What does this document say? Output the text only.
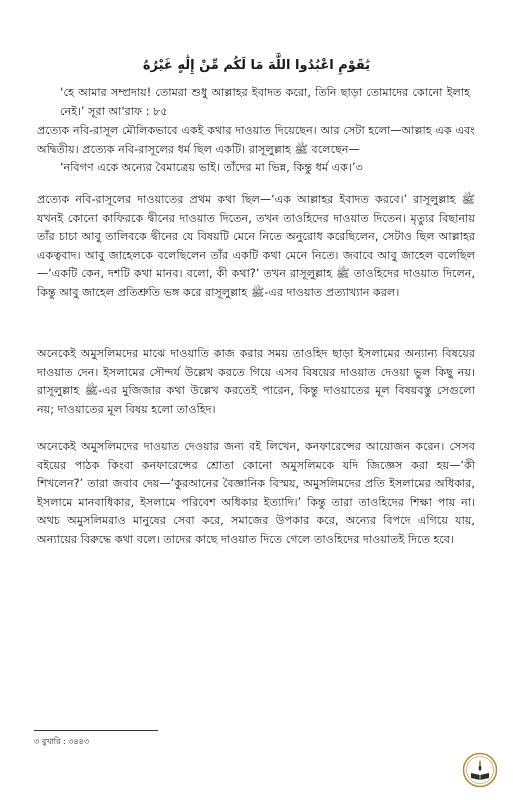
يَٰقَوْمِ اعْبُدُوا اللَّهَ مَا لَكُم مِّنْ إِلَٰهٍ غَيْرُهُ
‘হে আমার সম্প্রদায়! তোমরা শুধু আল্লাহর ইবাদত করো, তিনি ছাড়া তোমাদের কোনো ইলাহ নেই।’ সূরা আ'রাফ : ৮৫
প্রত্যেক নবি-রাসূল মৌলিকভাবে একই কথার দাওয়াত দিয়েছেন। আর সেটা হলো—আল্লাহ এক এবং অদ্বিতীয়। প্রত্যেক নবি-রাসূলের ধর্ম ছিল একটি। রাসূলুল্লাহ ﷺ বলেছেন—
‘নবিগণ একে অন্যের বৈমাত্রেয় ভাই। তাঁদের মা ভিন্ন, কিন্তু ধর্ম এক।’৩
প্রত্যেক নবি-রাসূলের দাওয়াতের প্রথম কথা ছিল—‘এক আল্লাহর ইবাদত করবে।’ রাসূলুল্লাহ ﷺ যখনই কোনো কাফিরকে দ্বীনের দাওয়াত দিতেন, তখন তাওহিদের দাওয়াত দিতেন। মৃত্যুর বিছানায় তাঁর চাচা আবু তালিবকে দ্বীনের যে বিষয়টি মেনে নিতে অনুরোধ করেছিলেন, সেটাও ছিল আল্লাহর একত্ববাদ। আবু জাহেলকে বলেছিলেন তাঁর একটি কথা মেনে নিতে। জবাবে আবু জাহেল বলেছিল—‘একটি কেন, দশটি কথা মানব। বলো, কী কথা?’ তখন রাসূলুল্লাহ ﷺ তাওহিদের দাওয়াত দিলেন, কিন্তু আবু জাহেল প্রতিশ্রুতি ভঙ্গ করে রাসূলুল্লাহ ﷺ-এর দাওয়াত প্রত্যাখ্যান করল।
অনেকেই অমুসলিমদের মাঝে দাওয়াতি কাজ করার সময় তাওহিদ ছাড়া ইসলামের অন্যান্য বিষয়ের দাওয়াত দেন। ইসলামের সৌন্দর্য উল্লেখ করতে গিয়ে এসব বিষয়ের দাওয়াত দেওয়া ভুল কিছু নয়। রাসূলুল্লাহ ﷺ-এর মুজিজার কথা উল্লেখ করতেই পারেন, কিন্তু দাওয়াতের মূল বিষয়বস্তু সেগুলো নয়; দাওয়াতের মূল বিষয় হলো তাওহিদ।
অনেকেই অমুসলিমদের দাওয়াত দেওয়ার জন্য বই লিখেন, কনফারেন্সের আয়োজন করেন। সেসব বইয়ের পাঠক কিংবা কনফারেন্সের শ্রোতা কোনো অমুসলিমকে যদি জিজ্ঞেস করা হয়—‘কী শিখলেন?’ তারা জবাব দেয়—‘কুরআনের বৈজ্ঞানিক বিস্ময়, অমুসলিমদের প্রতি ইসলামের অধিকার, ইসলামে মানবাধিকার, ইসলামে পরিবেশ অধিকার ইত্যাদি।’ কিন্তু তারা তাওহিদের শিক্ষা পায় না। অথচ অমুসলিমরাও মানুষের সেবা করে, সমাজের উপকার করে, অন্যের বিপদে এগিয়ে যায়, অন্যায়ের বিরুদ্ধে কথা বলে। তাদের কাছে দাওয়াত দিতে গেলে তাওহিদের দাওয়াতই দিতে হবে।
৩ বুখারি : ৩৪৪৩
